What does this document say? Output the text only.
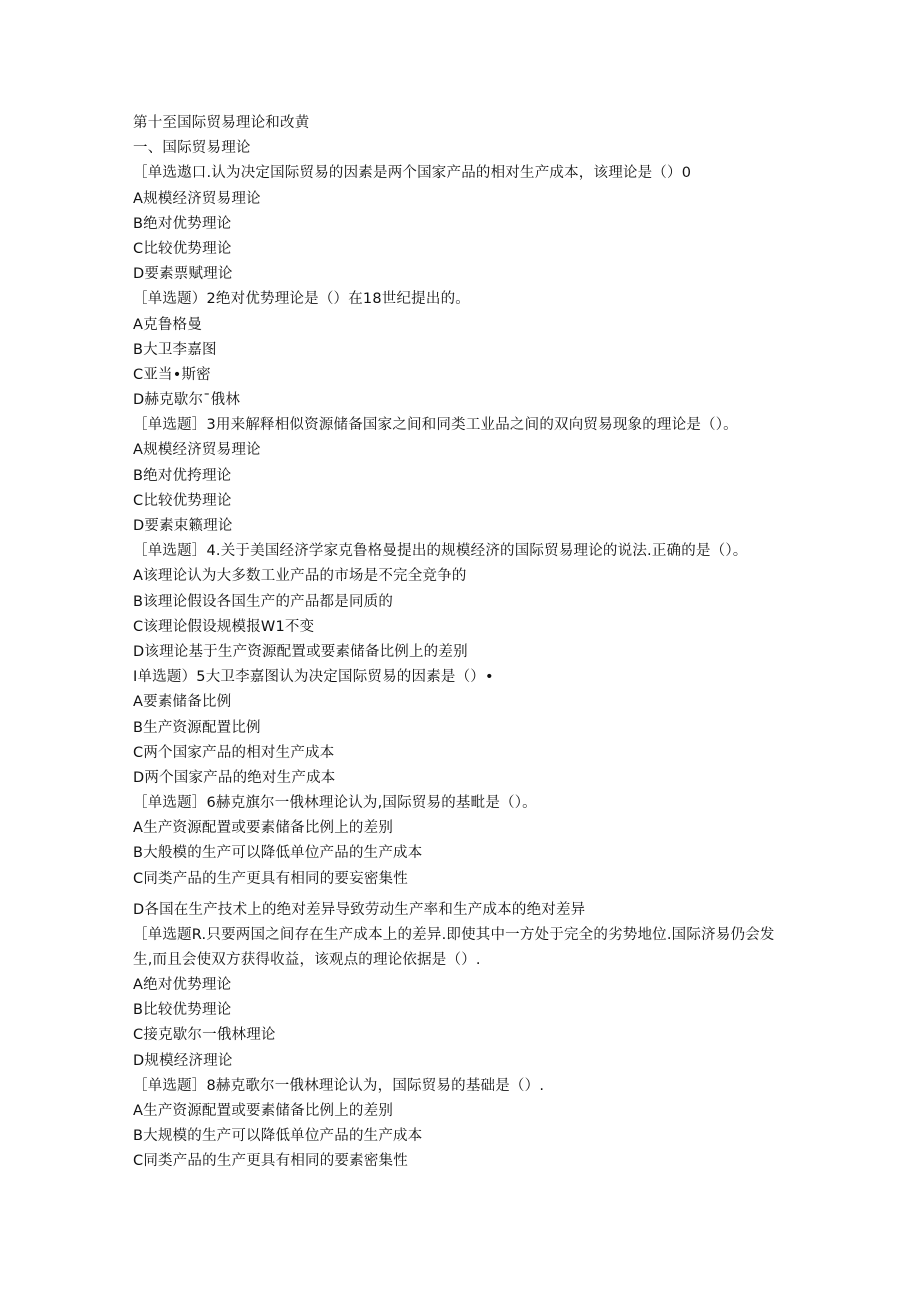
第十至国际贸易理论和改黄
一、国际贸易理论
［单选遨口.认为决定国际贸易的因素是两个国家产品的相对生产成本，该理论是（）0
A规模经济贸易理论
B绝对优势理论
C比较优势理论
D要素票赋理论
［单选题）2绝对优势理论是（）在18世纪提出的。
A克鲁格曼
B大卫李嘉图
C亚当•斯密
D赫克歇尔¯俄林
［单选题］3用来解释相似资源储备国家之间和同类工业品之间的双向贸易现象的理论是（）。
A规模经济贸易理论
B绝对优挎理论
C比较优势理论
D要素束籁理论
［单选题］4.关于美国经济学家克鲁格曼提出的规模经济的国际贸易理论的说法.正确的是（）。
A该理论认为大多数工业产品的市场是不完全竞争的
B该理论假设各国生产的产品都是同质的
C该理论假设规模报W1不变
D该理论基于生产资源配置或要素储备比例上的差别
I单选题）5大卫李嘉图认为决定国际贸易的因素是（）•
A要素储备比例
B生产资源配置比例
C两个国家产品的相对生产成本
D两个国家产品的绝对生产成本
［单选题］6赫克旗尔一俄林理论认为,国际贸易的基毗是（）。
A生产资源配置或要素储备比例上的差别
B大般模的生产可以降低单位产品的生产成本
C同类产品的生产更具有相同的要妄密集性
D各国在生产技术上的绝对差异导致劳动生产率和生产成本的绝对差异
［单选题R.只要两国之间存在生产成本上的差异.即使其中一方处于完全的劣势地位.国际济易仍会发生,而且会使双方获得收益，该观点的理论依据是（）.
A绝对优势理论
B比较优势理论
C接克歇尔一俄林理论
D规模经济理论
［单选题］8赫克歌尔一俄林理论认为，国际贸易的基础是（）.
A生产资源配置或要素储备比例上的差别
B大规模的生产可以降低单位产品的生产成本
C同类产品的生产更具有相同的要素密集性
